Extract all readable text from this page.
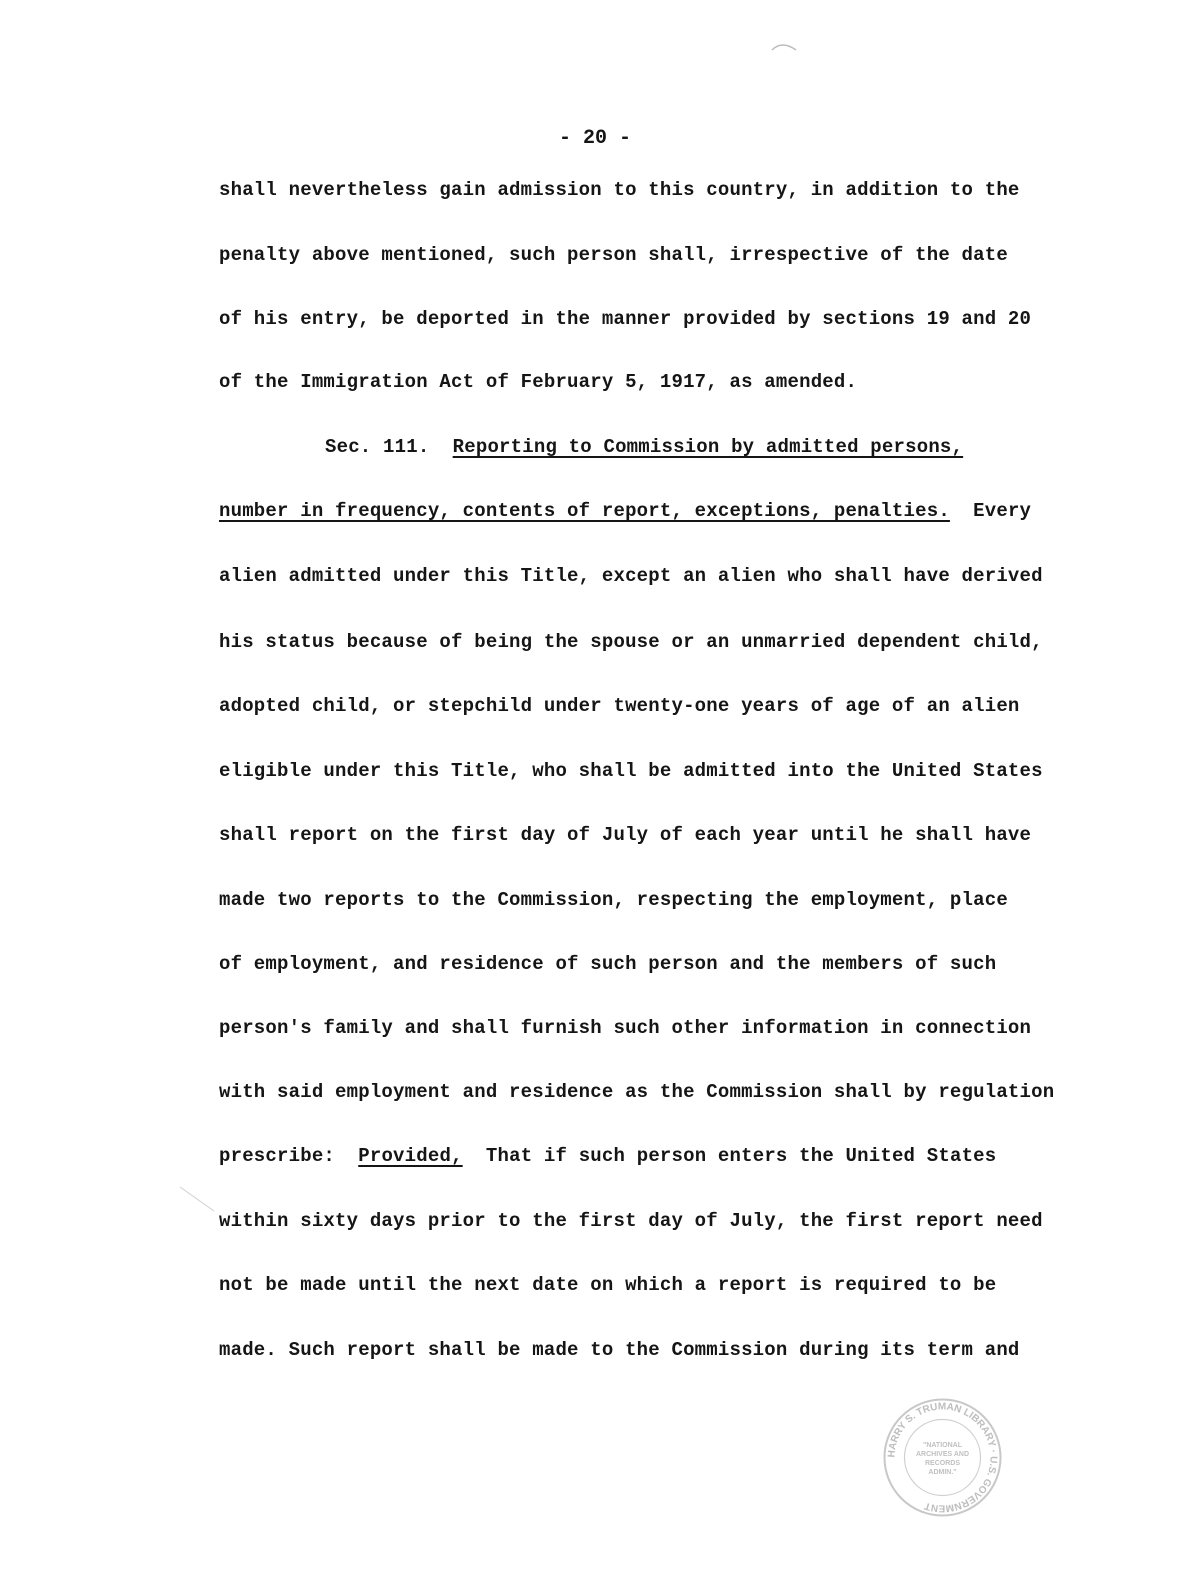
- 20 -
shall nevertheless gain admission to this country, in addition to the
penalty above mentioned, such person shall, irrespective of the date
of his entry, be deported in the manner provided by sections 19 and 20
of the Immigration Act of February 5, 1917, as amended.
Sec. 111. Reporting to Commission by admitted persons,
number in frequency, contents of report, exceptions, penalties. Every
alien admitted under this Title, except an alien who shall have derived
his status because of being the spouse or an unmarried dependent child,
adopted child, or stepchild under twenty-one years of age of an alien
eligible under this Title, who shall be admitted into the United States
shall report on the first day of July of each year until he shall have
made two reports to the Commission, respecting the employment, place
of employment, and residence of such person and the members of such
person's family and shall furnish such other information in connection
with said employment and residence as the Commission shall by regulation
prescribe: Provided, That if such person enters the United States
within sixty days prior to the first day of July, the first report need
not be made until the next date on which a report is required to be
made. Such report shall be made to the Commission during its term and
HARRY S. TRUMAN LIBRARY · U.S. GOVERNMENT
"NATIONAL
ARCHIVES AND
RECORDS
ADMIN."
